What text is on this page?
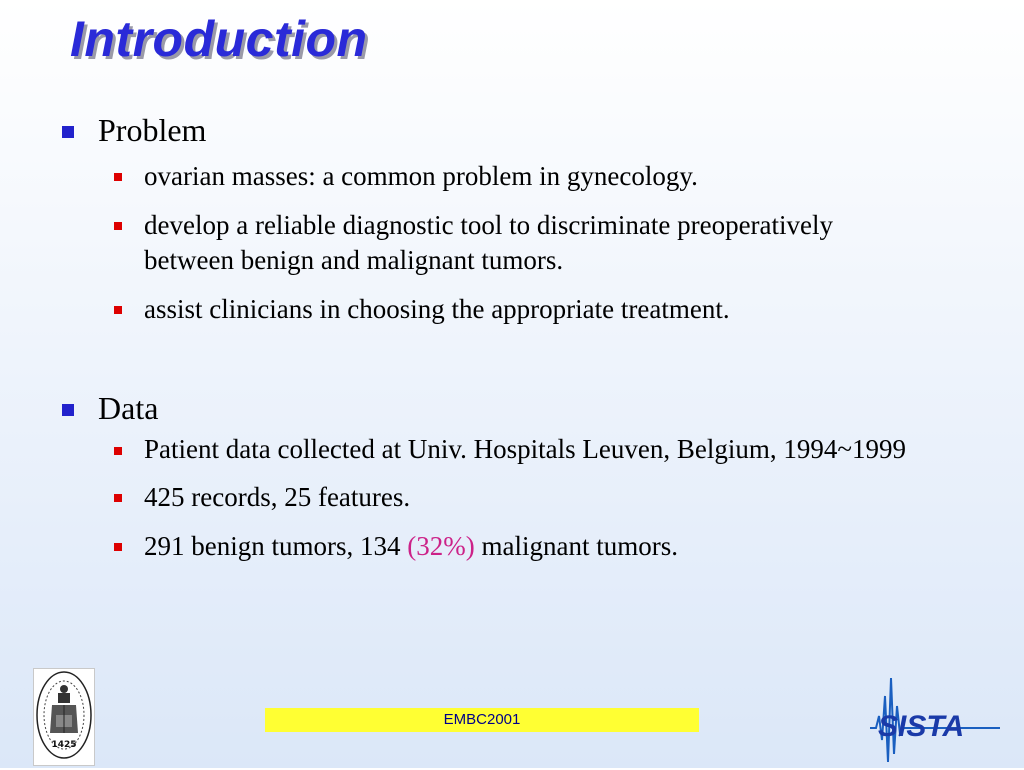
Introduction
Problem
ovarian masses: a common problem in gynecology.
develop a reliable diagnostic tool to discriminate preoperatively between benign and malignant tumors.
assist clinicians in choosing the appropriate treatment.
Data
Patient data collected at Univ. Hospitals Leuven, Belgium, 1994~1999
425 records, 25 features.
291 benign tumors, 134 (32%) malignant tumors.
1425
EMBC2001	SISTA
